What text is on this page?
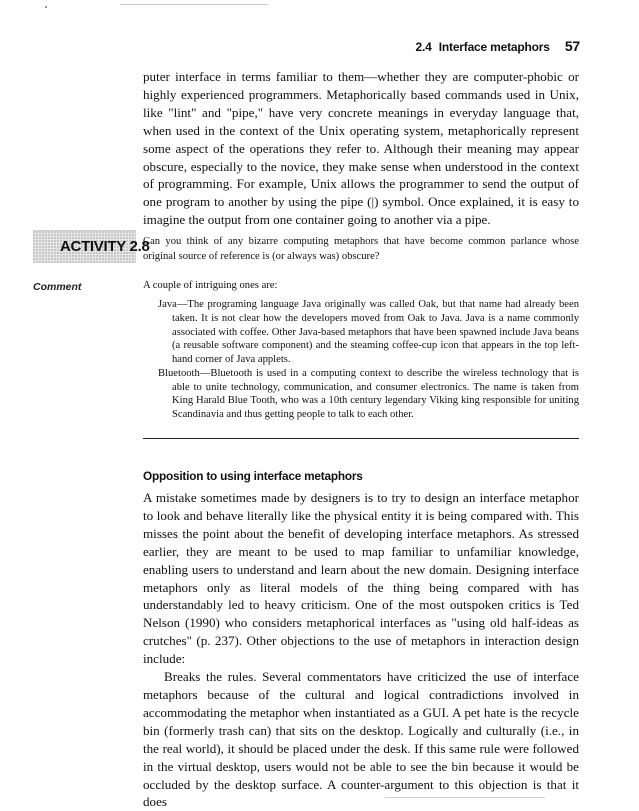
2.4 Interface metaphors 57

puter interface in terms familiar to them—whether they are computer-phobic or highly experienced programmers. Metaphorically based commands used in Unix, like "lint" and "pipe," have very concrete meanings in everyday language that, when used in the context of the Unix operating system, metaphorically represent some aspect of the operations they refer to. Although their meaning may appear obscure, especially to the novice, they make sense when understood in the context of programming. For example, Unix allows the programmer to send the output of one program to another by using the pipe (|) symbol. Once explained, it is easy to imagine the output from one container going to another via a pipe.

ACTIVITY 2.8
Can you think of any bizarre computing metaphors that have become common parlance whose original source of reference is (or always was) obscure?
Comment	A couple of intriguing ones are:

Java—The programing language Java originally was called Oak, but that name had already been taken. It is not clear how the developers moved from Oak to Java. Java is a name commonly associated with coffee. Other Java-based metaphors that have been spawned include Java beans (a reusable software component) and the steaming coffee-cup icon that appears in the top left-hand corner of Java applets.

Bluetooth—Bluetooth is used in a computing context to describe the wireless technology that is able to unite technology, communication, and consumer electronics. The name is taken from King Harald Blue Tooth, who was a 10th century legendary Viking king responsible for uniting Scandinavia and thus getting people to talk to each other.

Opposition to using interface metaphors

A mistake sometimes made by designers is to try to design an interface metaphor to look and behave literally like the physical entity it is being compared with. This misses the point about the benefit of developing interface metaphors. As stressed earlier, they are meant to be used to map familiar to unfamiliar knowledge, enabling users to understand and learn about the new domain. Designing interface metaphors only as literal models of the thing being compared with has understandably led to heavy criticism. One of the most outspoken critics is Ted Nelson (1990) who considers metaphorical interfaces as "using old half-ideas as crutches" (p. 237). Other objections to the use of metaphors in interaction design include:

Breaks the rules. Several commentators have criticized the use of interface metaphors because of the cultural and logical contradictions involved in accommodating the metaphor when instantiated as a GUI. A pet hate is the recycle bin (formerly trash can) that sits on the desktop. Logically and culturally (i.e., in the real world), it should be placed under the desk. If this same rule were followed in the virtual desktop, users would not be able to see the bin because it would be occluded by the desktop surface. A counter-argument to this objection is that it does
